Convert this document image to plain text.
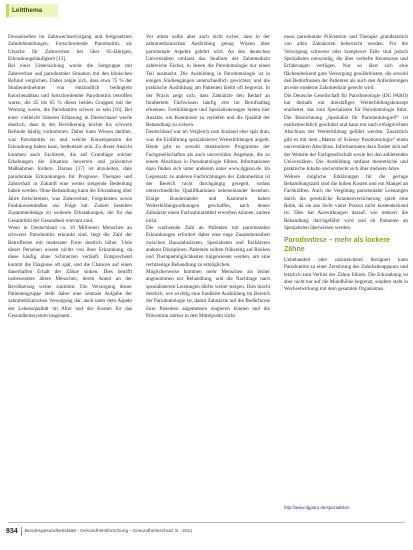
Leitthema

Drosselzellen im Zahnwechselvorgang und fortgesetzten Zahnfehlstellungen. Fortschreitende Parodontitis als Ursache für Zahnverlust bei über 65-Jährigen, Erkrankungshäufigkeit [13].

Bei einer Untersuchung wurde die Subgruppe mit Zahnverlust und parodontaler Situation mit den klinischen Befund verglichen. Dabei zeigte sich, dass etwa 75 % der Studienteilnehmer von entzündlich bedingtem Knochenabbau und fortschreitender Parodontitis betroffen waren, die 45 bis 65 % dieser beiden Gruppen mit der Wertung waren, die Parodontitis schwer zu sein [16]. Bei einer vielleicht höheren Erfassung in Deutschland wurde deutlich, dass in der Bevölkerung leichte bis schwere Befunde häufig vorkommen. Daher kann Wissen darüber, was Parodontitis ist und welche Konsequenzen die Erkrankung haben kann, bedeutsam sein. Zu dieser Ansicht kommen auch Fachleute, die auf Grundlage solcher Erhebungen die Situation bewerten und präventive Maßnahmen fordern. Daraus [17] ist abzuleiten, dass parodontale Erkrankungen für Prognose, Therapie und Zahnerhalt in Zukunft eine weiter steigende Bedeutung haben werden. Ohne Behandlung kann die Erkrankung über Jahre fortschreiten, was Zahnverlust, Folgekosten sowie Funktionseinbußen zur Folge hat. Zudem bestehen Zusammenhänge zu weiteren Erkrankungen, die für das Gesamtbild der Gesundheit relevant sind.

Wenn in Deutschland ca. 10 Millionen Menschen an schwerer Parodontitis erkrankt sind, liegt die Zahl der Betroffenen mit moderater Form deutlich höher. Viele dieser Personen wissen nichts von ihrer Erkrankung, da diese häufig ohne Schmerzen verläuft. Entsprechend kommt die Diagnose oft spät, und die Chancen auf einen dauerhaften Erhalt der Zähne sinken. Dies betrifft insbesondere ältere Menschen, deren Anteil an der Bevölkerung weiter zunimmt. Die Versorgung dieser Patientengruppe stellt daher eine zentrale Aufgabe der zahnmedizinischen Versorgung dar, auch unter dem Aspekt der Lebensqualität im Alter und der Kosten für das Gesundheitssystem insgesamt.

Vor allem sollte aber auch nicht sicher, dass in der zahnmedizinischen Ausbildung genug Wissen über parodontale Aspekte gelehrt wird. An den deutschen Universitäten umfasst das Studium der Zahnmedizin zahlreiche Fächer, in denen die Parodontologie nur einen Teil ausmacht. Die Ausbildung in Parodontologie ist in einigen Studiengängen unterschiedlich gewichtet, und die praktische Ausbildung am Patienten bleibt oft begrenzt. In der Praxis zeigt sich, dass Zahnärzte den Bedarf an fundiertem Fachwissen häufig erst im Berufsalltag erkennen. Fortbildungen und Spezialisierungen bieten hier Ansätze, um Kenntnisse zu vertiefen und die Qualität der Behandlung zu sichern.

Deutschland war im Vergleich zum Ausland eher spät dran, was die Einführung spezialisierter Weiterbildungen angeht. Heute gibt es sowohl strukturierte Programme der Fachgesellschaften als auch universitäre Angebote, die zu einem Abschluss in Parodontologie führen. Informationen dazu finden sich unter anderem unter www.dgparo.de. Im Gegensatz zu anderen Fachrichtungen der Zahnmedizin ist der Bereich nicht durchgängig geregelt, sodass unterschiedliche Qualifikationen nebeneinander bestehen. Einige Bundesländer und Kammern haben Weiterbildungsordnungen geschaffen, nach denen Zahnärzte einen Fachzahnarzttitel erwerben können, andere nicht.

Die wachsende Zahl an Patienten mit parodontalen Erkrankungen erfordert daher eine enge Zusammenarbeit zwischen Hauszahnärzten, Spezialisten und Fachärzten anderer Disziplinen. Patienten sollten frühzeitig auf Risiken und Therapiemöglichkeiten hingewiesen werden, um eine rechtzeitige Behandlung zu ermöglichen.

Möglicherweise kommen mehr Menschen als bisher angenommen zur Behandlung, und die Nachfrage nach spezialisierten Leistungen dürfte weiter steigen. Dies macht deutlich, wie wichtig eine fundierte Ausbildung im Bereich der Parodontologie ist, damit Zahnärzte auf die Bedürfnisse ihrer Patienten angemessen reagieren können und die Prävention stärker in den Mittelpunkt rückt.

muss parodontale Prävention und Therapie grundsätzlich von allen Zahnärzten beherrscht werden. Für die Versorgung schwerer oder komplexer Fälle sind jedoch Spezialisten notwendig, die über vertiefte Kenntnisse und Erfahrungen verfügen. Nur so lässt sich eine flächendeckend gute Versorgung gewährleisten, die sowohl den Bedürfnissen der Patienten als auch den Anforderungen an eine moderne Zahnmedizin gerecht wird.

Die Deutsche Gesellschaft für Parodontologie (DG PARO) hat deshalb ein dreistufiges Weiterbildungskonzept erarbeitet, das zum Spezialisten für Parodontologie führt. Die Bezeichnung „Spezialist für Parodontologie®“ ist markenrechtlich geschützt und kann nur nach erfolgreichem Abschluss der Weiterbildung geführt werden. Zusätzlich gibt es mit dem „Master of Science Parodontologie“ einen universitären Abschluss. Informationen dazu finden sich auf der Website der Fachgesellschaft sowie bei den anbietenden Universitäten. Die Ausbildung umfasst theoretische und praktische Inhalte und erstreckt sich über mehrere Jahre.

Weitere mögliche Erklärungen für die geringe Behandlungszahl sind die hohen Kosten und ein Mangel an Fachkräften. Auch die Vergütung parodontaler Leistungen durch die gesetzliche Krankenversicherung spielt eine Rolle, da sie aus Sicht vieler Praxen nicht kostendeckend ist. Dies hat Auswirkungen darauf, wie intensiv die Behandlung durchgeführt wird und ob Patienten an Spezialisten überwiesen werden.

Parodontose – mehr als lockere Zähne

Unbehandelt oder unzureichend therapiert kann Parodontitis zu einer Zerstörung des Zahnhalteapparats und letztlich zum Verlust der Zähne führen. Die Erkrankung ist aber nicht nur auf die Mundhöhle begrenzt, sondern steht in Wechselwirkung mit dem gesamten Organismus.

http://www.dgparo.de/spezialisten
934 Bundesgesundheitsblatt - Gesundheitsforschung - Gesundheitsschutz 8 · 2011
